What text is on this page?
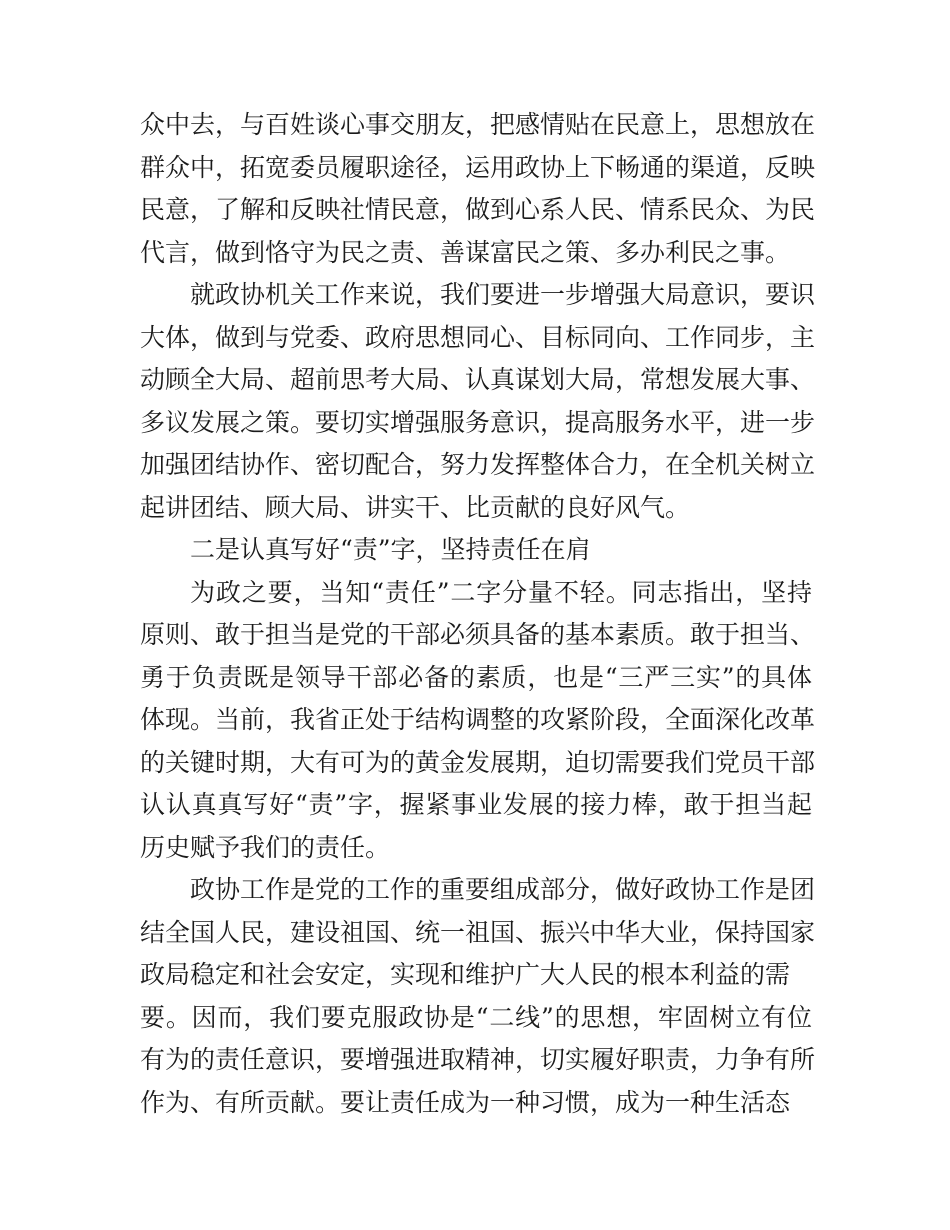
众中去，与百姓谈心事交朋友，把感情贴在民意上，思想放在
群众中，拓宽委员履职途径，运用政协上下畅通的渠道，反映
民意，了解和反映社情民意，做到心系人民、情系民众、为民
代言，做到恪守为民之责、善谋富民之策、多办利民之事。
就政协机关工作来说，我们要进一步增强大局意识，要识
大体，做到与党委、政府思想同心、目标同向、工作同步，主
动顾全大局、超前思考大局、认真谋划大局，常想发展大事、
多议发展之策。要切实增强服务意识，提高服务水平，进一步
加强团结协作、密切配合，努力发挥整体合力，在全机关树立
起讲团结、顾大局、讲实干、比贡献的良好风气。
二是认真写好“责”字，坚持责任在肩
为政之要，当知“责任”二字分量不轻。同志指出，坚持
原则、敢于担当是党的干部必须具备的基本素质。敢于担当、
勇于负责既是领导干部必备的素质，也是“三严三实”的具体
体现。当前，我省正处于结构调整的攻紧阶段，全面深化改革
的关键时期，大有可为的黄金发展期，迫切需要我们党员干部
认认真真写好“责”字，握紧事业发展的接力棒，敢于担当起
历史赋予我们的责任。
政协工作是党的工作的重要组成部分，做好政协工作是团
结全国人民，建设祖国、统一祖国、振兴中华大业，保持国家
政局稳定和社会安定，实现和维护广大人民的根本利益的需
要。因而，我们要克服政协是“二线”的思想，牢固树立有位
有为的责任意识，要增强进取精神，切实履好职责，力争有所
作为、有所贡献。要让责任成为一种习惯，成为一种生活态
